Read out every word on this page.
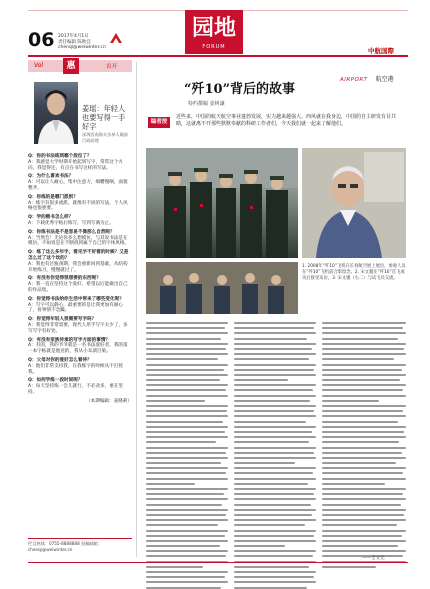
06 2017年4月1日
责任编辑 陈秋宜
chenqi@weiwinter.cn
园地
FORUM	中航国際
Vol	惠	首开
姜瑶：年轻人也要写得一手好字
深圳西南海关各单人眼前 行政助理
Q：你的书法练到哪个段位了？
A：我感觉大学时期开始起到写字，常常这个方向，我觉得还，有点在书写这样的写法。
Q：为什么喜欢书法？
A：可以让人耐心，集中注意力，细嚼慢咽，面貌整齐。
Q：你练的是哪门派别？
A：练字有很多流派，就像有不同的写法，个人风格也很重要。
Q：学的楷书怎么样？
A：下载优秀字帖后练写，写到写满为止。
Q：你练书法是不是容易不像那么自然呢？
A：当然会！无论你多么想模仿，与其说书法是在模仿，不如说是在不断找到属于自己的字体风格。
Q：练了这么多年字，看见字不好看的时候？又是怎么过了这个坎的？
A：我也有过瓶颈期，我会重新回到基础，从结构开始练习，慢慢就过了。
Q：有没有你觉得很想要的东西呢？
A：我一直在坚持这个爱好，希望以后能做出自己的作品集。
Q：你觉得书法给你生活中带来了哪些变化呢？
A：写字可以静心，最重要的是让我更加有耐心了，看事情不急躁。
Q：你觉得年轻人很需要写字吗？
A：我觉得非常需要，现代人用手写字太少了，多写写字有好处。
Q：有没有家族传承的写字方面的事情？
A：有的，我的爷爷就是一名书法爱好者，我的第一本字帖就是他送的，我从小耳濡目染。
Q：父母对你的爱好怎么看待？
A：他们非常支持我，在我练字的时候从不打扰我。
Q：如何学练一段时间呢？
A：每天坚持练一会儿就行，不必贪多，重在坚持。
（本期编辑：姜晓莉）
栏目热线：0755-8888888 投稿邮箱：chenqi@weiwinter.cn
AIRPORT 航空港
“歼10”背后的故事
特约撰稿 姜树谦
编者按
近些来，中国的航天航空事业蓬勃发展，实力越来越强大。西风就在我身边，中国的自主研发有目共睹，这就离不开那些默默奉献的科研工作者们，今天我们就一起来了解他们。
1. 2008年“歼10”飞机在长春航空展上展出，参观人员在“歼10”飞机前合影留念。2. 宋文骢在“歼10”首飞成功后接受采访。3. 宋文骢（右二）与试飞员交流。
——全文完
